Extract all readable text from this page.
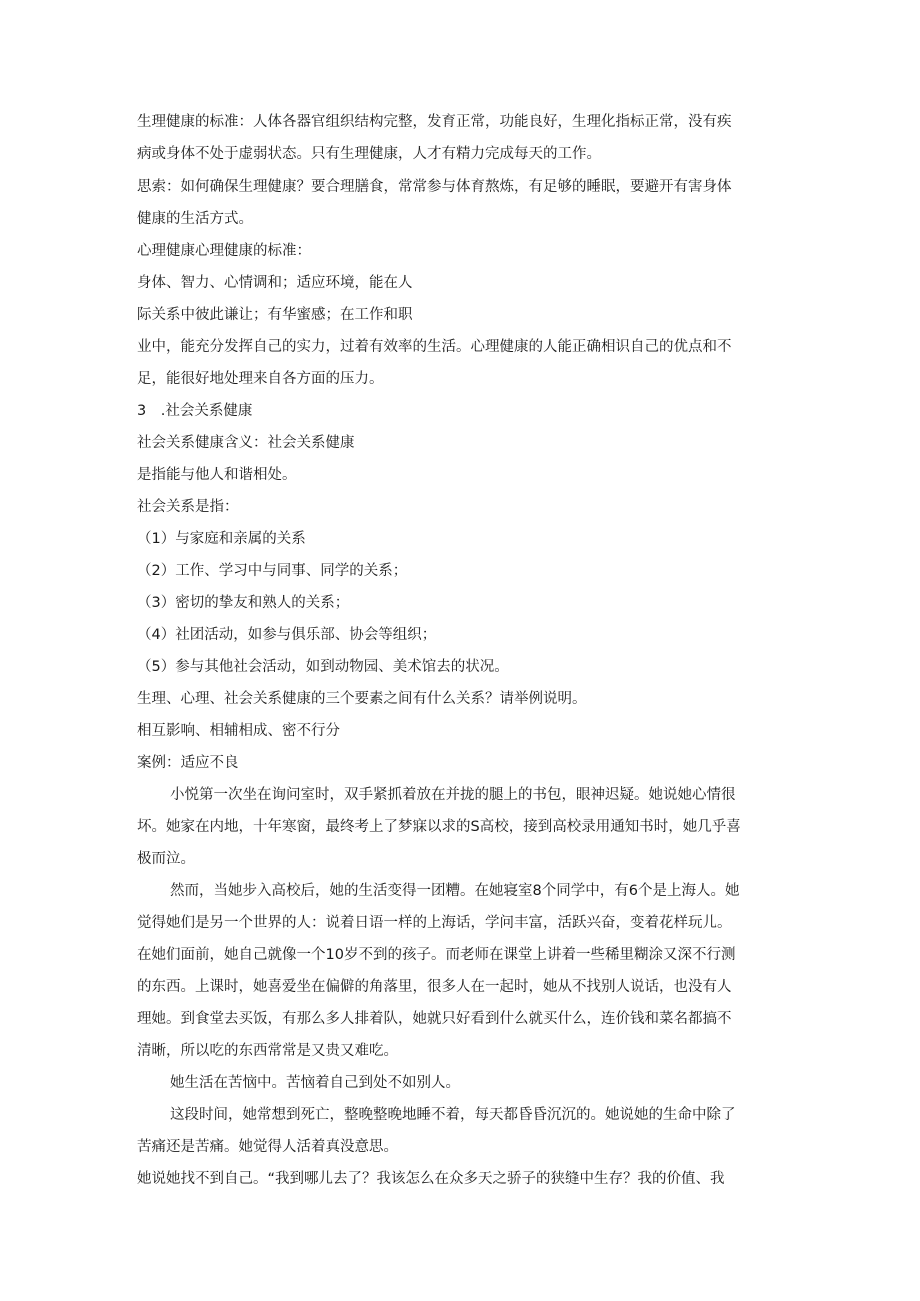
生理健康的标准：人体各器官组织结构完整，发育正常，功能良好，生理化指标正常，没有疾
病或身体不处于虚弱状态。只有生理健康，人才有精力完成每天的工作。
思索：如何确保生理健康？要合理膳食，常常参与体育熬炼，有足够的睡眠，要避开有害身体
健康的生活方式。
心理健康心理健康的标准：
身体、智力、心情调和；适应环境，能在人
际关系中彼此谦让；有华蜜感；在工作和职
业中，能充分发挥自己的实力，过着有效率的生活。心理健康的人能正确相识自己的优点和不
足，能很好地处理来自各方面的压力。
3　.社会关系健康
社会关系健康含义：社会关系健康
是指能与他人和谐相处。
社会关系是指：
（1）与家庭和亲属的关系
（2）工作、学习中与同事、同学的关系；
（3）密切的挚友和熟人的关系；
（4）社团活动，如参与俱乐部、协会等组织；
（5）参与其他社会活动，如到动物园、美术馆去的状况。
生理、心理、社会关系健康的三个要素之间有什么关系？请举例说明。
相互影响、相辅相成、密不行分
案例：适应不良
小悦第一次坐在询问室时，双手紧抓着放在并拢的腿上的书包，眼神迟疑。她说她心情很
坏。她家在内地，十年寒窗，最终考上了梦寐以求的S高校，接到高校录用通知书时，她几乎喜
极而泣。
然而，当她步入高校后，她的生活变得一团糟。在她寝室8个同学中，有6个是上海人。她
觉得她们是另一个世界的人：说着日语一样的上海话，学问丰富，活跃兴奋，变着花样玩儿。
在她们面前，她自己就像一个10岁不到的孩子。而老师在课堂上讲着一些稀里糊涂又深不行测
的东西。上课时，她喜爱坐在偏僻的角落里，很多人在一起时，她从不找别人说话，也没有人
理她。到食堂去买饭，有那么多人排着队，她就只好看到什么就买什么，连价钱和菜名都搞不
清晰，所以吃的东西常常是又贵又难吃。
她生活在苦恼中。苦恼着自己到处不如别人。
这段时间，她常想到死亡，整晚整晚地睡不着，每天都昏昏沉沉的。她说她的生命中除了
苦痛还是苦痛。她觉得人活着真没意思。
她说她找不到自己。“我到哪儿去了？我该怎么在众多天之骄子的狭缝中生存？我的价值、我
